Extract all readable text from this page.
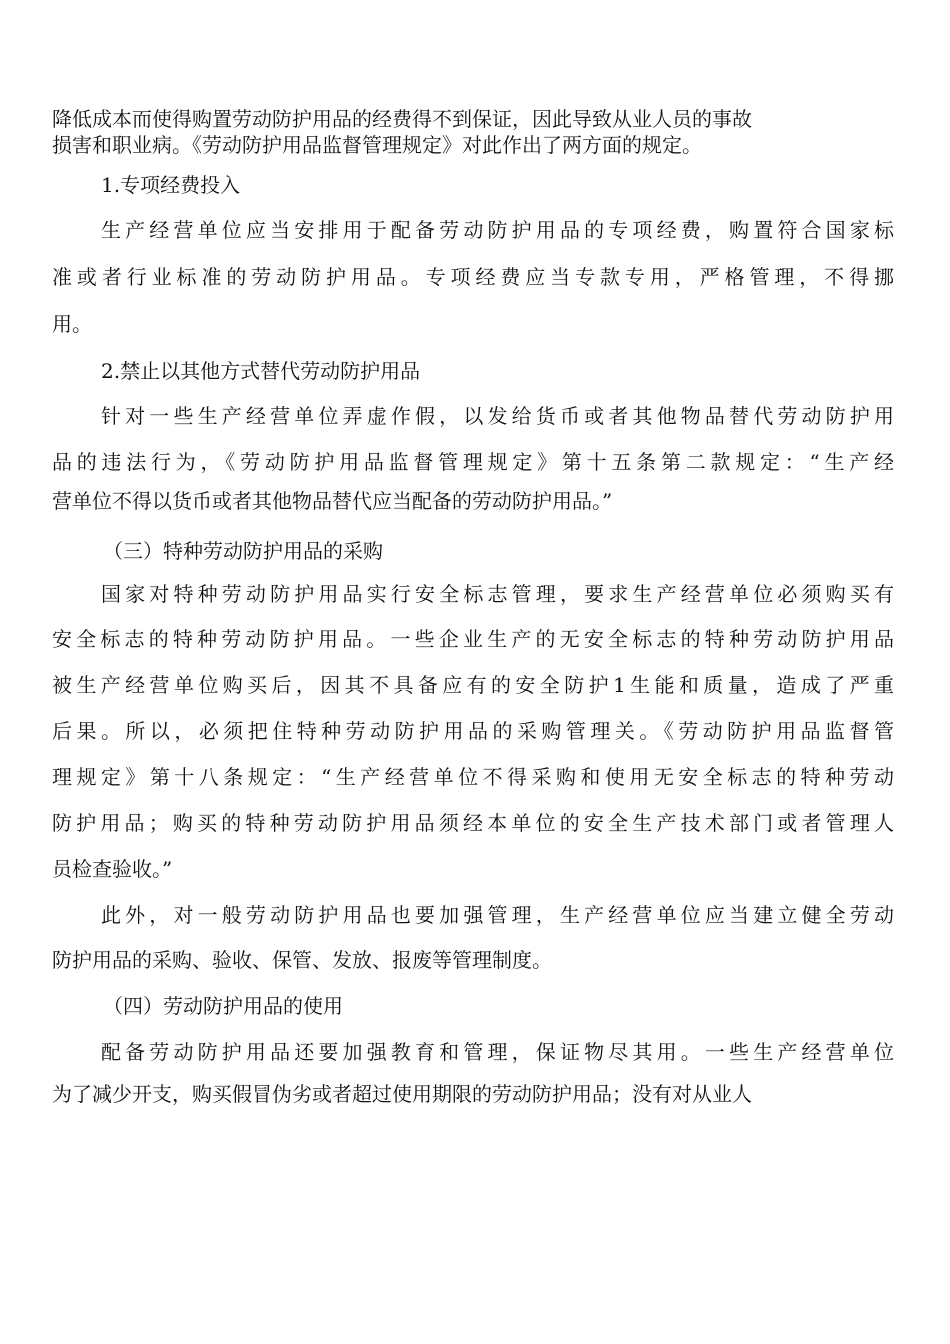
降低成本而使得购置劳动防护用品的经费得不到保证，因此导致从业人员的事故
损害和职业病。《劳动防护用品监督管理规定》对此作出了两方面的规定。
1.专项经费投入
生产经营单位应当安排用于配备劳动防护用品的专项经费，购置符合国家标
准或者行业标准的劳动防护用品。专项经费应当专款专用，严格管理，不得挪
用。
2.禁止以其他方式替代劳动防护用品
针对一些生产经营单位弄虚作假，以发给货币或者其他物品替代劳动防护用
品的违法行为，《劳动防护用品监督管理规定》第十五条第二款规定：“生产经
营单位不得以货币或者其他物品替代应当配备的劳动防护用品。”
（三）特种劳动防护用品的采购
国家对特种劳动防护用品实行安全标志管理，要求生产经营单位必须购买有
安全标志的特种劳动防护用品。一些企业生产的无安全标志的特种劳动防护用品
被生产经营单位购买后，因其不具备应有的安全防护1生能和质量，造成了严重
后果。所以，必须把住特种劳动防护用品的采购管理关。《劳动防护用品监督管
理规定》第十八条规定：“生产经营单位不得采购和使用无安全标志的特种劳动
防护用品；购买的特种劳动防护用品须经本单位的安全生产技术部门或者管理人
员检查验收。”
此外，对一般劳动防护用品也要加强管理，生产经营单位应当建立健全劳动
防护用品的采购、验收、保管、发放、报废等管理制度。
（四）劳动防护用品的使用
配备劳动防护用品还要加强教育和管理，保证物尽其用。一些生产经营单位
为了减少开支，购买假冒伪劣或者超过使用期限的劳动防护用品；没有对从业人
